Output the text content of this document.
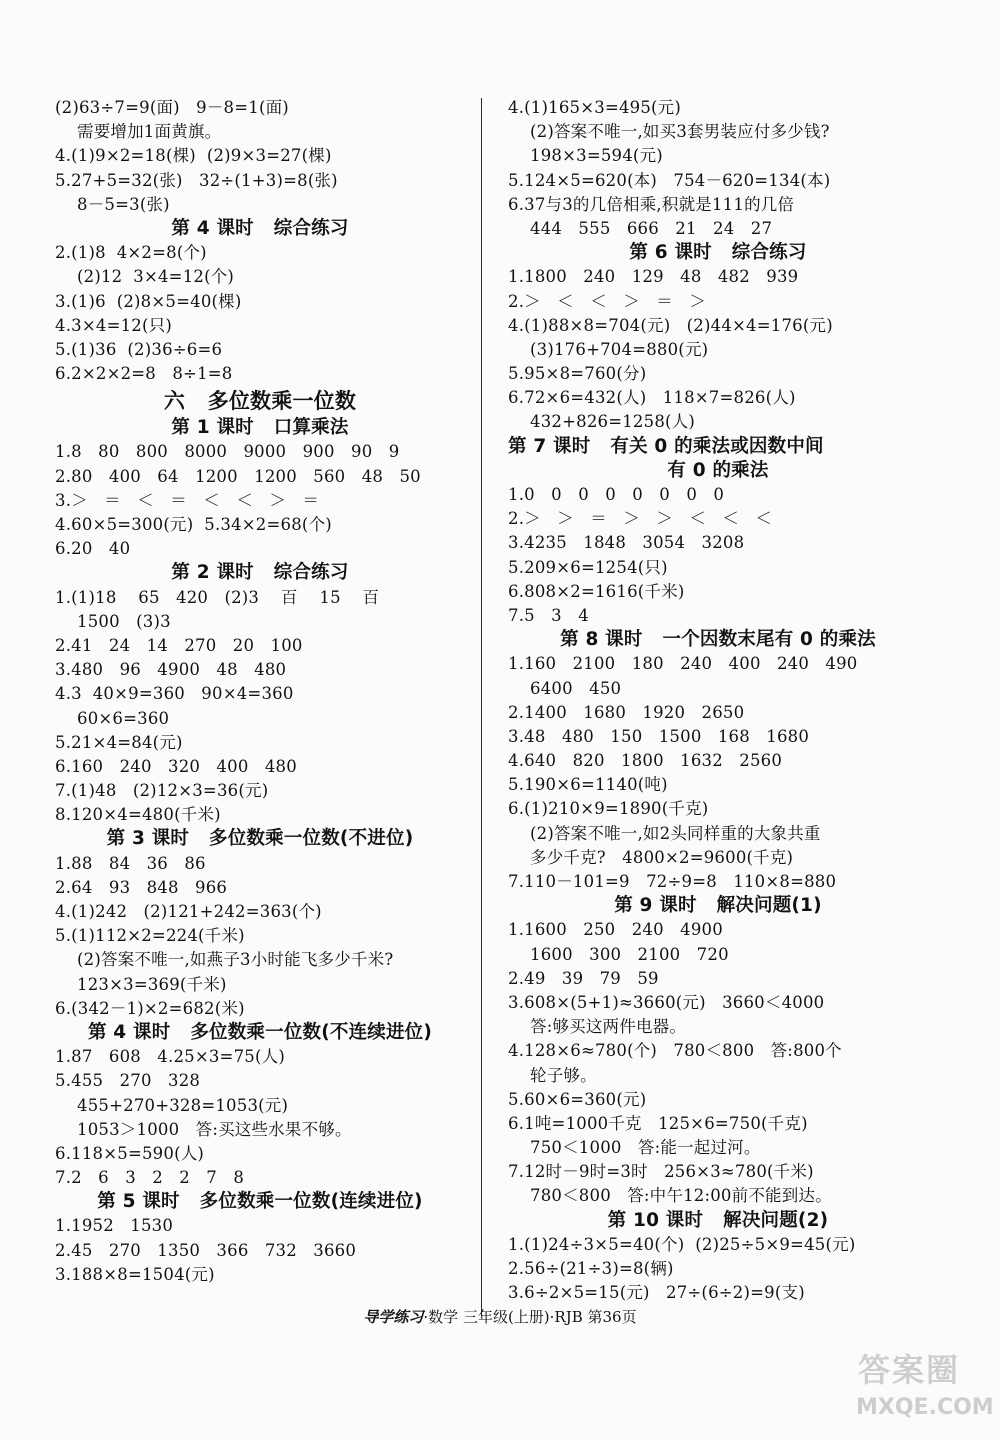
(2)63÷7=9(面)   9－8=1(面)
需要增加1面黄旗。
4.(1)9×2=18(棵)  (2)9×3=27(棵)
5.27+5=32(张)   32÷(1+3)=8(张)
8－5=3(张)
第 4 课时   综合练习
2.(1)8  4×2=8(个)
(2)12  3×4=12(个)
3.(1)6  (2)8×5=40(棵)
4.3×4=12(只)
5.(1)36  (2)36÷6=6
6.2×2×2=8   8÷1=8
六   多位数乘一位数
第 1 课时   口算乘法
1.8   80   800   8000   9000   900   90   9
2.80   400   64   1200   1200   560   48   50
3.＞   ＝   ＜   ＝   ＜   ＜   ＞   ＝
4.60×5=300(元)  5.34×2=68(个)
6.20   40
第 2 课时   综合练习
1.(1)18    65   420   (2)3    百    15    百
1500   (3)3
2.41   24   14   270   20   100
3.480   96   4900   48   480
4.3  40×9=360   90×4=360
60×6=360
5.21×4=84(元)
6.160   240   320   400   480
7.(1)48   (2)12×3=36(元)
8.120×4=480(千米)
第 3 课时   多位数乘一位数(不进位)
1.88   84   36   86
2.64   93   848   966
4.(1)242   (2)121+242=363(个)
5.(1)112×2=224(千米)
(2)答案不唯一,如燕子3小时能飞多少千米?
123×3=369(千米)
6.(342－1)×2=682(米)
第 4 课时   多位数乘一位数(不连续进位)
1.87   608   4.25×3=75(人)
5.455   270   328
455+270+328=1053(元)
1053＞1000   答:买这些水果不够。
6.118×5=590(人)
7.2   6   3   2   2   7   8
第 5 课时   多位数乘一位数(连续进位)
1.1952   1530
2.45   270   1350   366   732   3660
3.188×8=1504(元)
4.(1)165×3=495(元)
(2)答案不唯一,如买3套男装应付多少钱?
198×3=594(元)
5.124×5=620(本)   754－620=134(本)
6.37与3的几倍相乘,积就是111的几倍
444   555   666   21   24   27
第 6 课时   综合练习
1.1800   240   129   48   482   939
2.＞   ＜   ＜   ＞   ＝   ＞
4.(1)88×8=704(元)   (2)44×4=176(元)
(3)176+704=880(元)
5.95×8=760(分)
6.72×6=432(人)   118×7=826(人)
432+826=1258(人)
第 7 课时   有关 0 的乘法或因数中间
有 0 的乘法
1.0   0   0   0   0   0   0   0
2.＞   ＞   ＝   ＞   ＞   ＜   ＜   ＜
3.4235   1848   3054   3208
5.209×6=1254(只)
6.808×2=1616(千米)
7.5   3   4
第 8 课时   一个因数末尾有 0 的乘法
1.160   2100   180   240   400   240   490
6400   450
2.1400   1680   1920   2650
3.48   480   150   1500   168   1680
4.640   820   1800   1632   2560
5.190×6=1140(吨)
6.(1)210×9=1890(千克)
(2)答案不唯一,如2头同样重的大象共重
多少千克?   4800×2=9600(千克)
7.110－101=9   72÷9=8   110×8=880
第 9 课时   解决问题(1)
1.1600   250   240   4900
1600   300   2100   720
2.49   39   79   59
3.608×(5+1)≈3660(元)   3660＜4000
答:够买这两件电器。
4.128×6≈780(个)   780＜800   答:800个
轮子够。
5.60×6=360(元)
6.1吨=1000千克   125×6=750(千克)
750＜1000   答:能一起过河。
7.12时－9时=3时   256×3≈780(千米)
780＜800   答:中午12:00前不能到达。
第 10 课时   解决问题(2)
1.(1)24÷3×5=40(个)  (2)25÷5×9=45(元)
2.56÷(21÷3)=8(辆)
3.6÷2×5=15(元)   27÷(6÷2)=9(支)
导学练习·数学 三年级(上册)·RJB 第36页
答案圈
MXQE.COM
